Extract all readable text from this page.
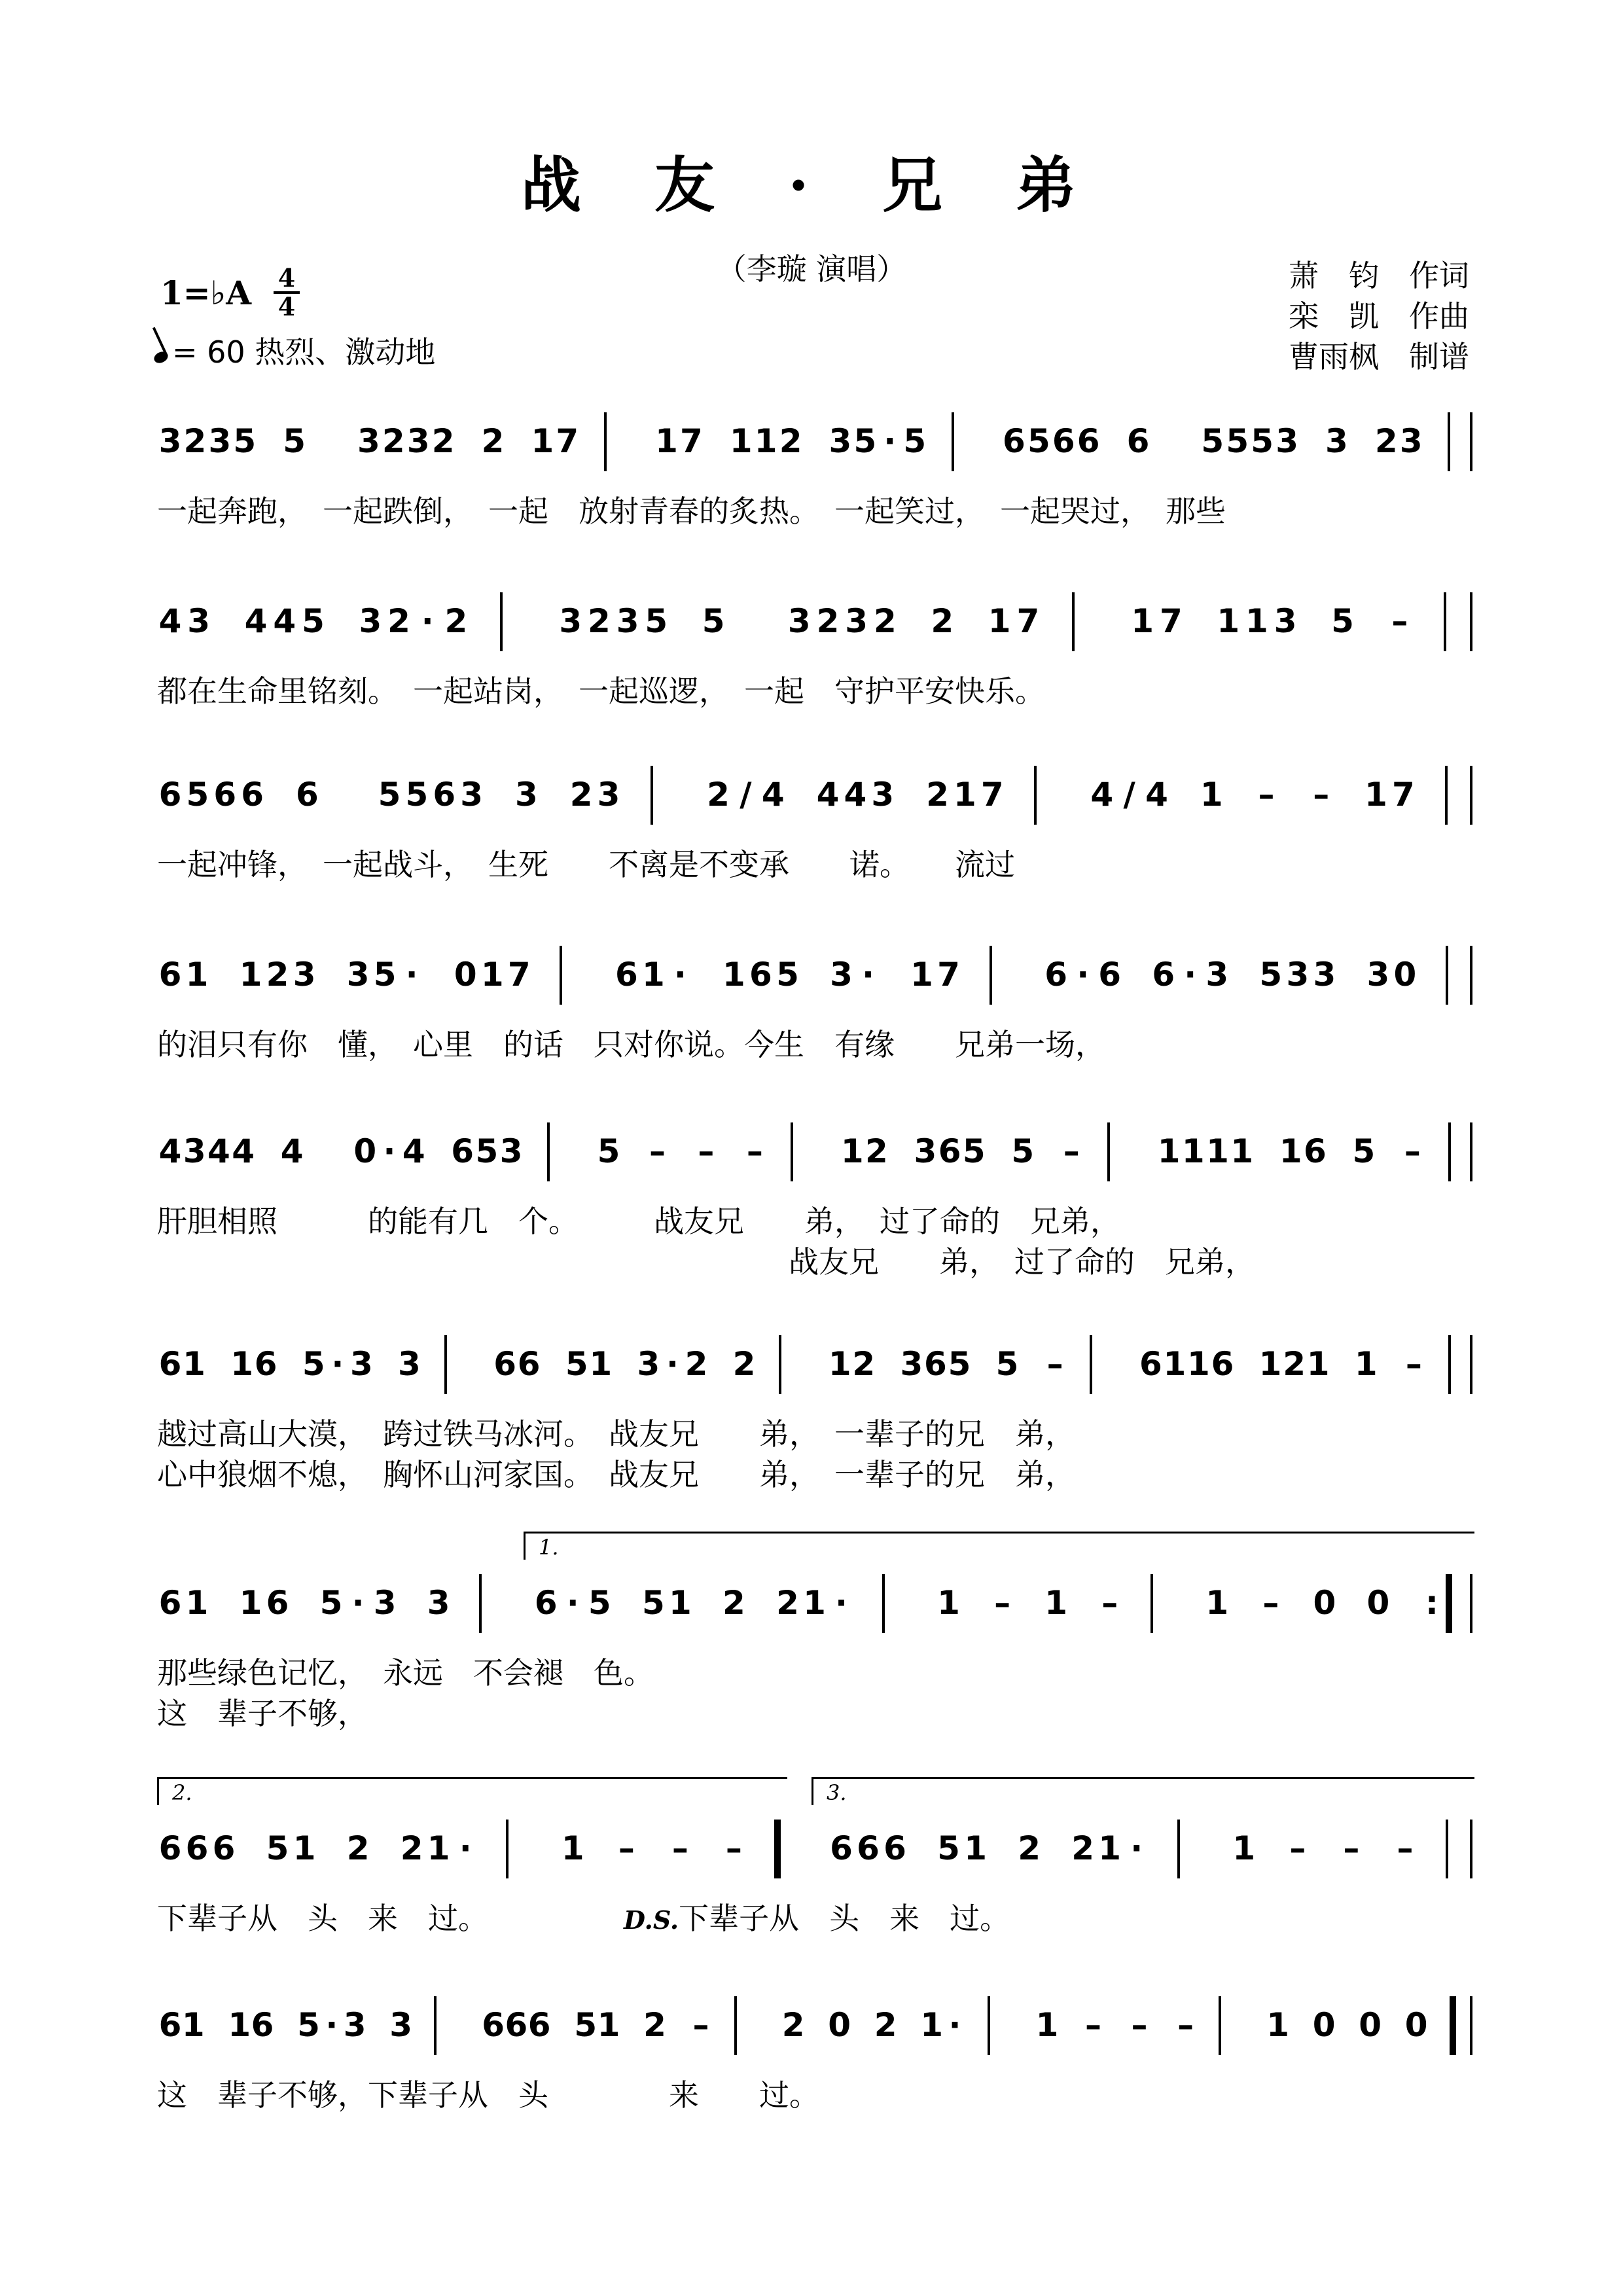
战 友 · 兄 弟
（李璇 演唱）	萧　钧　作词
栾　凯　作曲
曹雨枫　制谱
1=♭A 4
4
= 60 热烈、激动地
3 2 3 5 5 3 2 3 2 2 1 7 1 7 1 1 2 3 5 · 5 6 5 6 6 6 5 5 5 3 3 2 3
一起奔跑，　一起跌倒，　一起　放射青春的炙热。　一起笑过，　一起哭过，　那些
4 3 4 4 5 3 2 · 2	3 2 3 5 5 3 2 3 2 2 1 7	1 7 1 1 3 5 –
都在生命里铭刻。　一起站岗，　一起巡逻，　一起　守护平安快乐。
6 5 6 6 6 5 5 6 3 3 2 3	2 / 4 4 4 3 2 1 7	4 / 4 1 – – 1 7
一起冲锋，　一起战斗，　生死　　不离是不变承　　诺。　　流过
6 1 1 2 3 3 5 · 0 1 7	6 1 · 1 6 5 3 · 1 7	6 · 6 6 · 3 5 3 3 3 0
的泪只有你　懂，　心里　的话　只对你说。今生　有缘　　兄弟一场，
4 3 4 4 4 0 · 4 6 5 3 5 – – – 1 2 3 6 5 5 – 1 1 1 1 1 6 5 –
肝胆相照　　　的能有几　个。　　　战友兄　　弟，　过了命的　兄弟，
战友兄　　弟，　过了命的　兄弟，
6 1 1 6 5 · 3 3 6 6 5 1 3 · 2 2 1 2 3 6 5 5 – 6 1 1 6 1 2 1 1 –
越过高山大漠，　跨过铁马冰河。　战友兄　　弟，　一辈子的兄　弟，
心中狼烟不熄，　胸怀山河家国。　战友兄　　弟，　一辈子的兄　弟，
6 1 1 6 5 · 3 3	6 · 5 5 1 2 2 1 ·	1 – 1 –	1 – 0 0 :
1.
那些绿色记忆，　永远　不会褪　色。
这　辈子不够，
6 6 6 5 1 2 2 1 ·	1 – – –	6 6 6 5 1 2 2 1 ·	1 – – –
2.	3.
下辈子从　头　来　过。　　　　　D.S.下辈子从　头　来　过。
6 1 1 6 5 · 3 3 6 6 6 5 1 2 – 2 0 2 1 · 1 – – – 1 0 0 0
这　辈子不够，下辈子从　头　　　　来　　过。
